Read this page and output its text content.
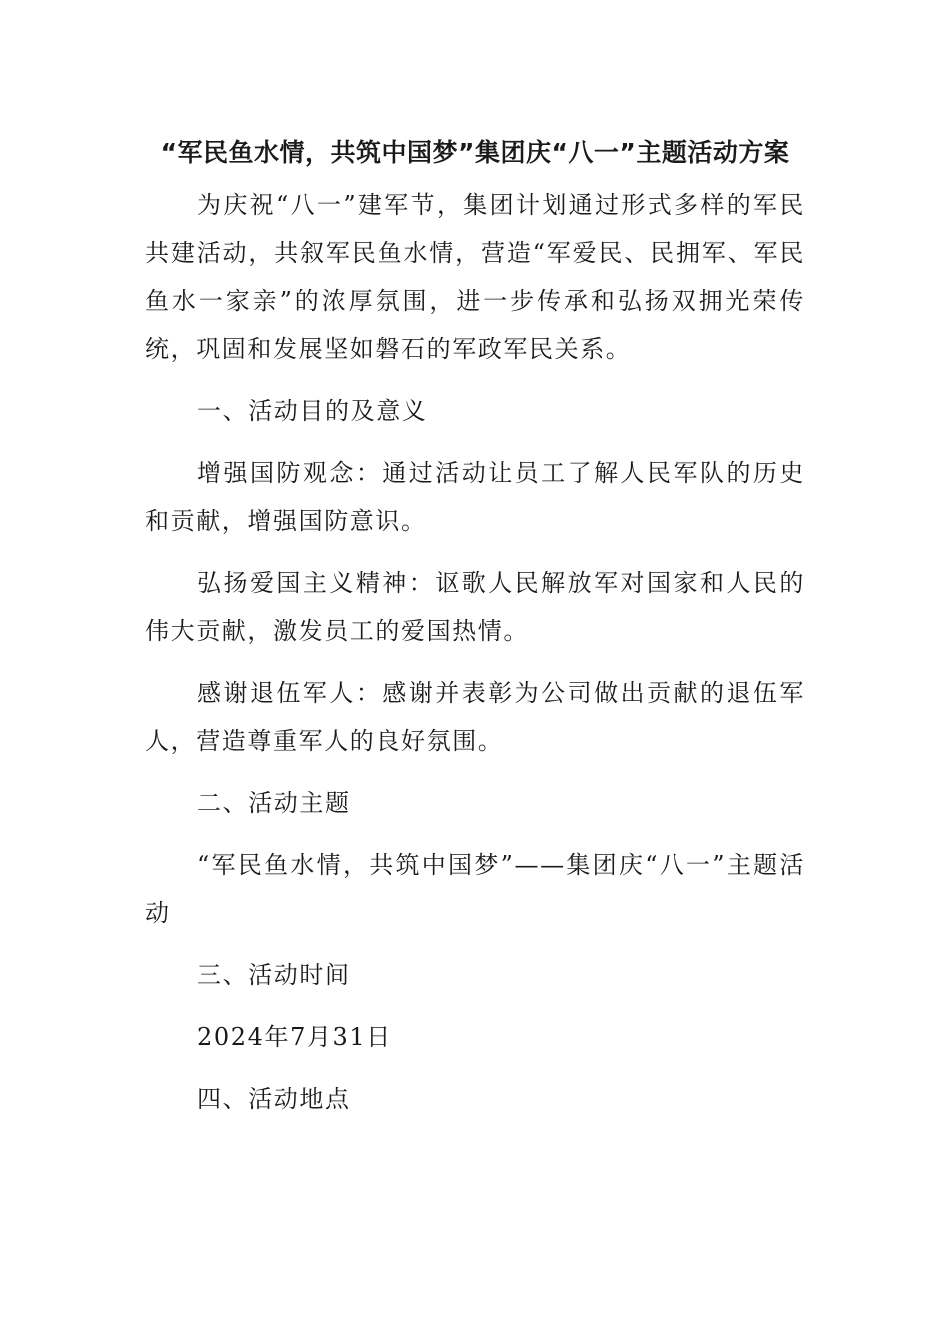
“军民鱼水情，共筑中国梦”集团庆“八一”主题活动方案

为庆祝“八一”建军节，集团计划通过形式多样的军民共建活动，共叙军民鱼水情，营造“军爱民、民拥军、军民鱼水一家亲”的浓厚氛围，进一步传承和弘扬双拥光荣传统，巩固和发展坚如磐石的军政军民关系。

一、活动目的及意义

增强国防观念：通过活动让员工了解人民军队的历史和贡献，增强国防意识。

弘扬爱国主义精神：讴歌人民解放军对国家和人民的伟大贡献，激发员工的爱国热情。

感谢退伍军人：感谢并表彰为公司做出贡献的退伍军人，营造尊重军人的良好氛围。

二、活动主题

“军民鱼水情，共筑中国梦”——集团庆“八一”主题活动

三、活动时间

2024年7月31日

四、活动地点
